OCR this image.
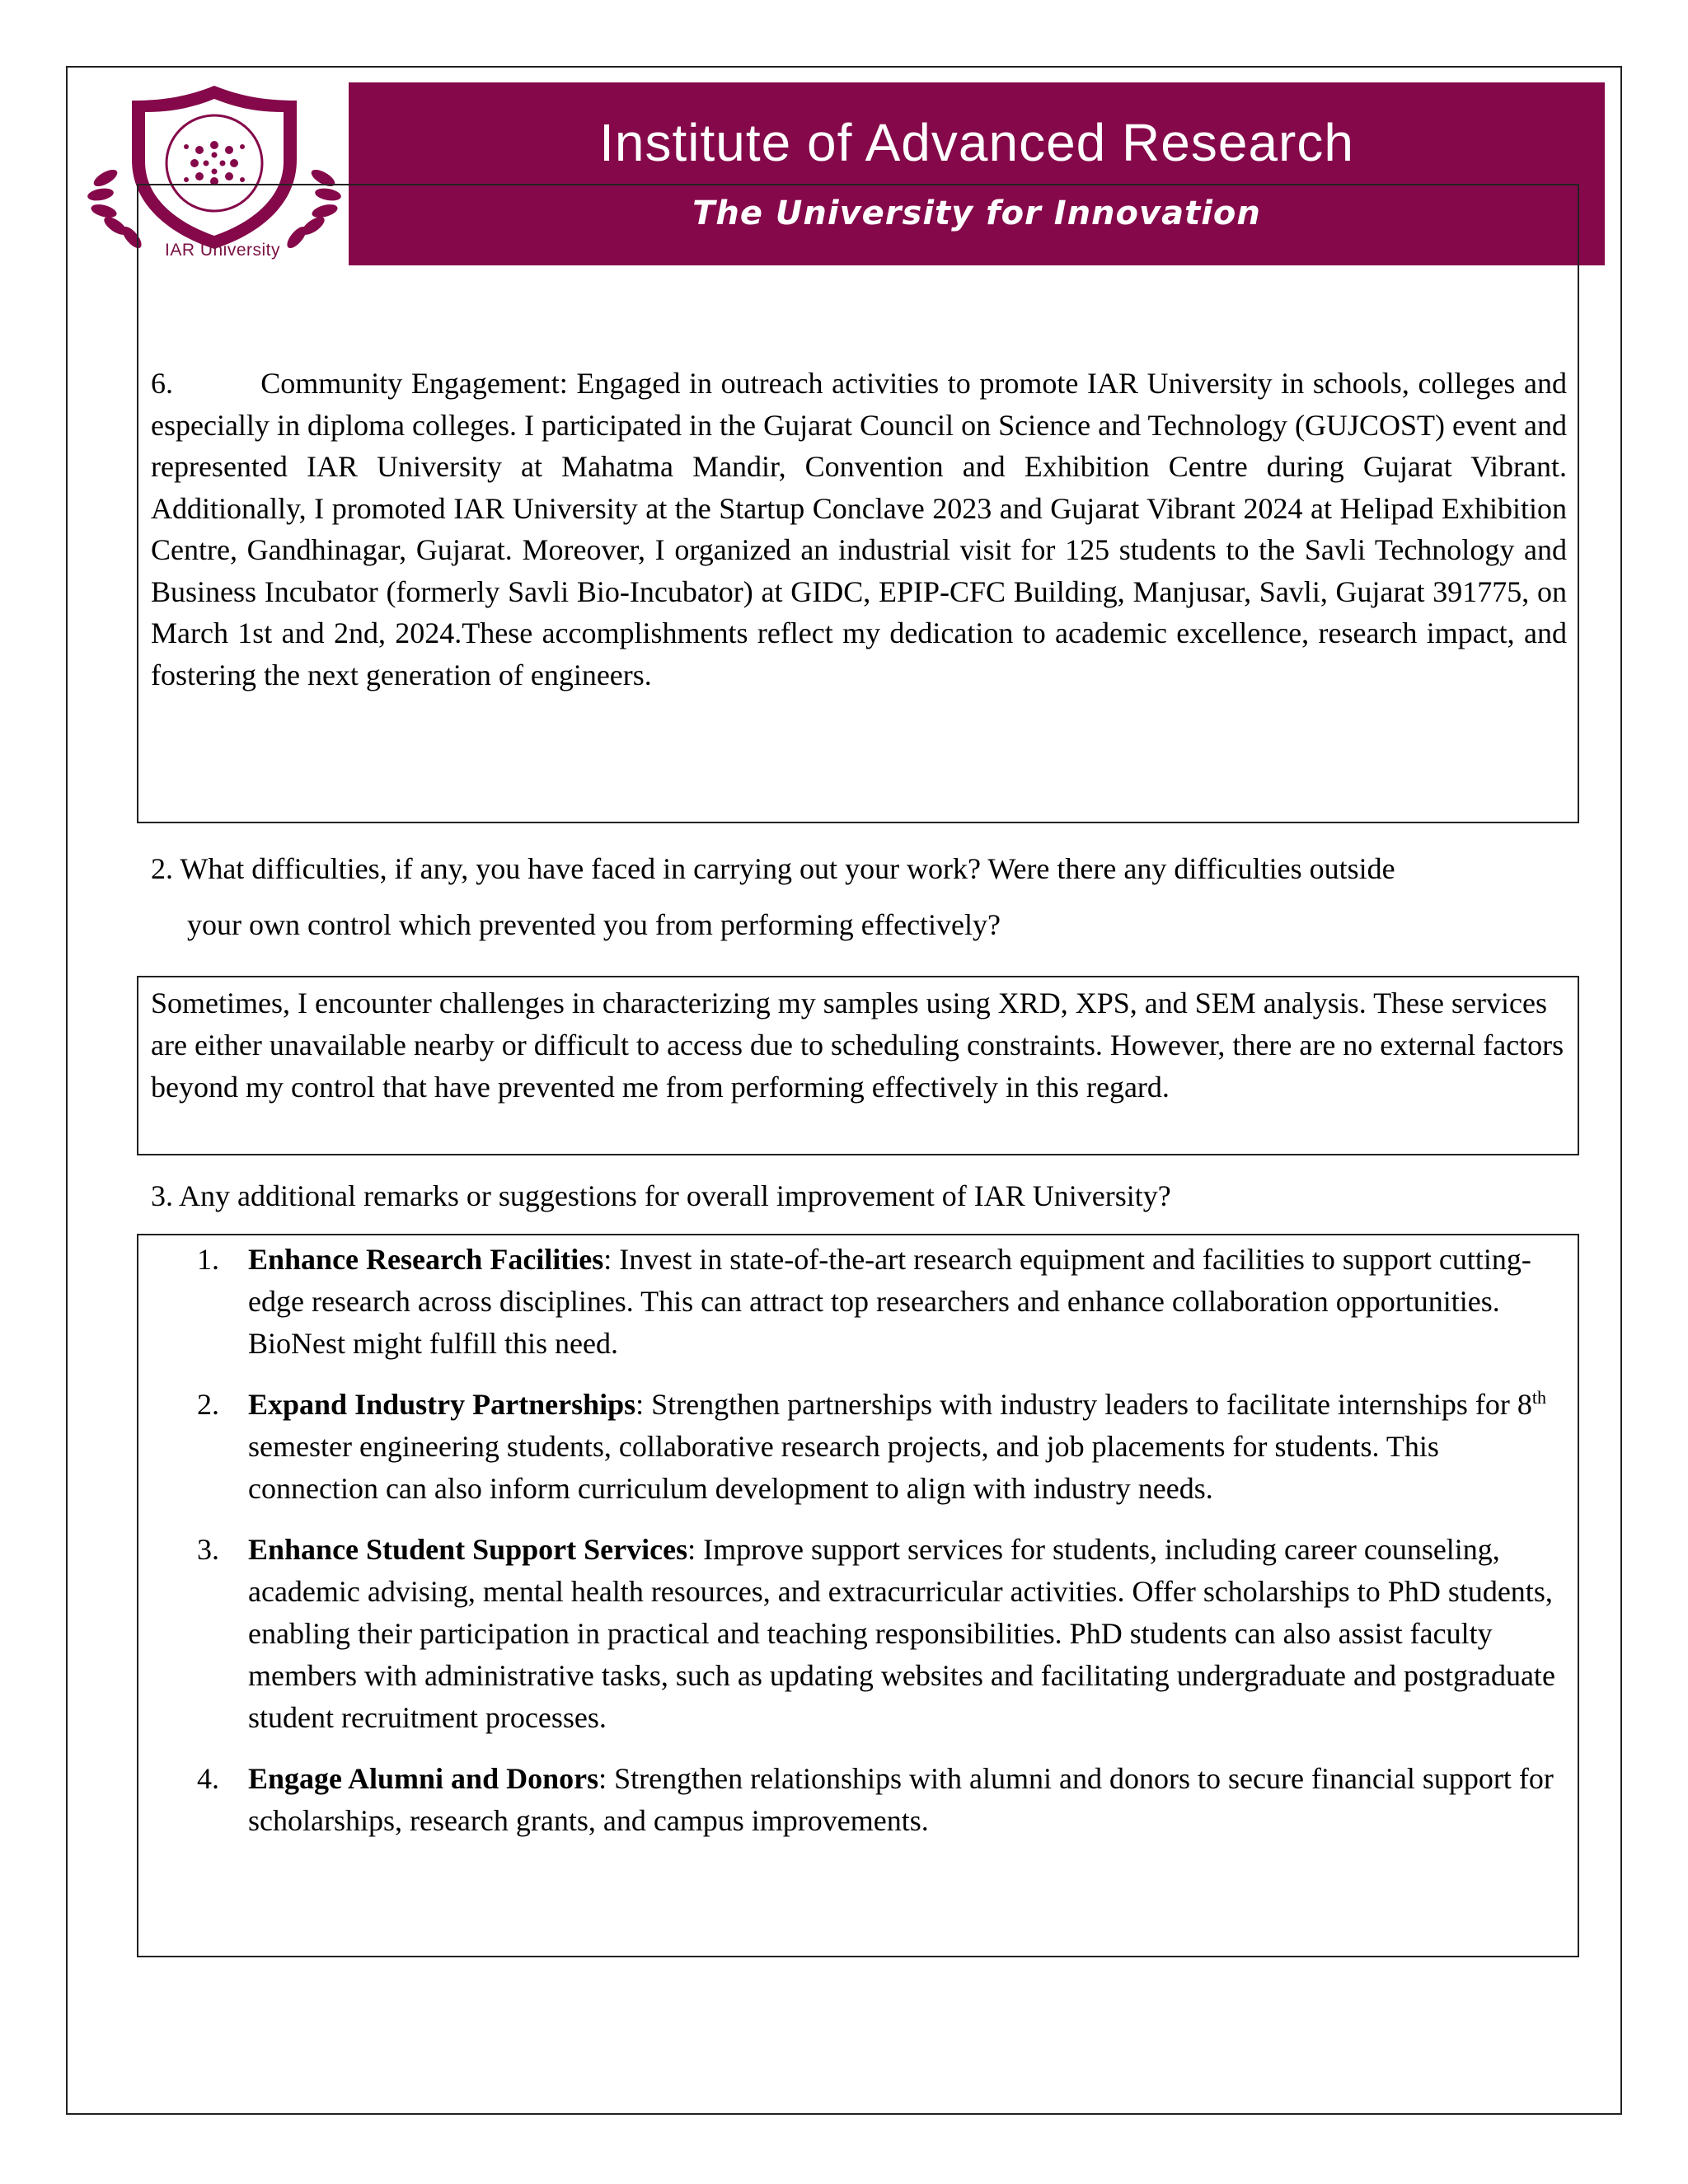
IAR University
Institute of Advanced Research
The University for Innovation
6.          Community Engagement: Engaged in outreach activities to promote IAR University in schools, colleges and especially in diploma colleges. I participated in the Gujarat Council on Science and Technology (GUJCOST) event and represented IAR University at Mahatma Mandir, Convention and Exhibition Centre during Gujarat Vibrant. Additionally, I promoted IAR University at the Startup Conclave 2023 and Gujarat Vibrant 2024 at Helipad Exhibition Centre, Gandhinagar, Gujarat. Moreover, I organized an industrial visit for 125 students to the Savli Technology and Business Incubator (formerly Savli Bio-Incubator) at GIDC, EPIP-CFC Building, Manjusar, Savli, Gujarat 391775, on March 1st and 2nd, 2024.These accomplishments reflect my dedication to academic excellence, research impact, and fostering the next generation of engineers.
2. What difficulties, if any, you have faced in carrying out your work? Were there any difficulties outside
your own control which prevented you from performing effectively?
Sometimes, I encounter challenges in characterizing my samples using XRD, XPS, and SEM analysis. These services are either unavailable nearby or difficult to access due to scheduling constraints. However, there are no external factors beyond my control that have prevented me from performing effectively in this regard.
3. Any additional remarks or suggestions for overall improvement of IAR University?
1. Enhance Research Facilities: Invest in state-of-the-art research equipment and facilities to support cutting-edge research across disciplines. This can attract top researchers and enhance collaboration opportunities. BioNest might fulfill this need.
2. Expand Industry Partnerships: Strengthen partnerships with industry leaders to facilitate internships for 8th semester engineering students, collaborative research projects, and job placements for students. This connection can also inform curriculum development to align with industry needs.
3. Enhance Student Support Services: Improve support services for students, including career counseling, academic advising, mental health resources, and extracurricular activities. Offer scholarships to PhD students, enabling their participation in practical and teaching responsibilities. PhD students can also assist faculty members with administrative tasks, such as updating websites and facilitating undergraduate and postgraduate student recruitment processes.
4. Engage Alumni and Donors: Strengthen relationships with alumni and donors to secure financial support for scholarships, research grants, and campus improvements.
